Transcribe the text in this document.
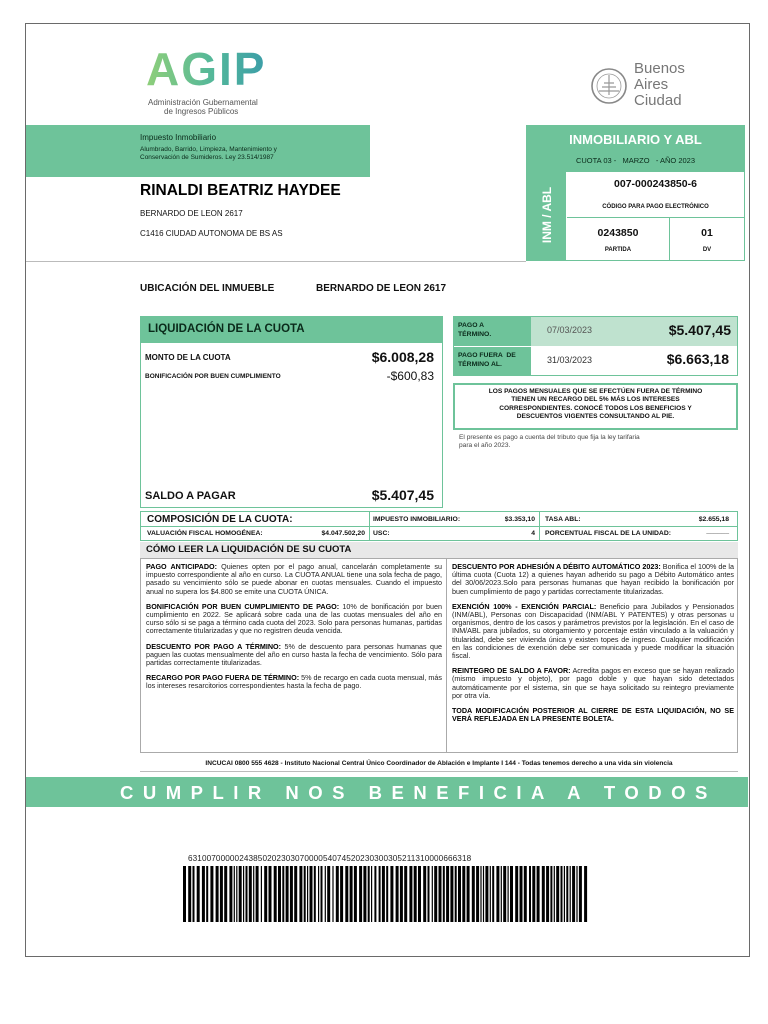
AGIP
Administración Gubernamental
de Ingresos Públicos
Buenos
Aires
Ciudad
Impuesto Inmobiliario
Alumbrado, Barrido, Limpieza, Mantenimiento y
Conservación de Sumideros. Ley 23.514/1987
RINALDI BEATRIZ HAYDEE
BERNARDO DE LEON 2617
C1416 CIUDAD AUTONOMA DE BS AS
INMOBILIARIO Y ABL
CUOTA 03 -   MARZO   - AÑO 2023
INM / ABL
007-000243850-6
CÓDIGO PARA PAGO ELECTRÓNICO
0243850
PARTIDA
01
DV
UBICACIÓN DEL INMUEBLE	BERNARDO DE LEON 2617
LIQUIDACIÓN DE LA CUOTA
MONTO DE LA CUOTA	$6.008,28
BONIFICACIÓN POR BUEN CUMPLIMIENTO	-$600,83
SALDO A PAGAR	$5.407,45
PAGO A
TÉRMINO.	07/03/2023	$5.407,45
PAGO FUERA  DE
TÉRMINO AL.	31/03/2023	$6.663,18
LOS PAGOS MENSUALES QUE SE EFECTÚEN FUERA DE TÉRMINO
TIENEN UN RECARGO DEL 5% MÁS LOS INTERESES
CORRESPONDIENTES. CONOCÉ TODOS LOS BENEFICIOS Y
DESCUENTOS VIGENTES CONSULTANDO AL PIE.
El presente es pago a cuenta del tributo que fija la ley tarifaria
para el año 2023.
COMPOSICIÓN DE LA CUOTA:
VALUACIÓN FISCAL HOMOGÉNEA:	$4.047.502,20
IMPUESTO INMOBILIARIO:	$3.353,10
USC:	4
TASA ABL:	$2.655,18
PORCENTUAL FISCAL DE LA UNIDAD:	______
CÓMO LEER LA LIQUIDACIÓN DE SU CUOTA

PAGO ANTICIPADO: Quienes opten por el pago anual, cancelarán completamente su impuesto correspondiente al año en curso. La CUOTA ANUAL tiene una sola fecha de pago, pasado su vencimiento sólo se puede abonar en cuotas mensuales. Cuando el impuesto anual no supera los $4.800 se emite una CUOTA ÚNICA.

BONIFICACIÓN POR BUEN CUMPLIMIENTO DE PAGO: 10% de bonificación por buen cumplimiento en 2022. Se aplicará sobre cada una de las cuotas mensuales del año en curso sólo si se paga a término cada cuota del 2023. Solo para personas humanas, partidas correctamente titularizadas y que no registren deuda vencida.

DESCUENTO POR PAGO A TÉRMINO: 5% de descuento para personas humanas que paguen las cuotas mensualmente del año en curso hasta la fecha de vencimiento. Sólo para partidas correctamente titularizadas.

RECARGO POR PAGO FUERA DE TÉRMINO: 5% de recargo en cada cuota mensual, más los intereses resarcitorios correspondientes hasta la fecha de pago.

DESCUENTO POR ADHESIÓN A DÉBITO AUTOMÁTICO 2023: Bonifica el 100% de la última cuota (Cuota 12) a quienes hayan adherido su pago a Débito Automático antes del 30/06/2023.Solo para personas humanas que hayan recibido la bonificación por buen cumplimiento de pago y partidas correctamente titularizadas.

EXENCIÓN 100% - EXENCIÓN PARCIAL: Beneficio para Jubilados y Pensionados (INM/ABL), Personas con Discapacidad (INM/ABL Y PATENTES) y otras personas u organismos, dentro de los casos y parámetros previstos por la legislación. En el caso de INM/ABL para jubilados, su otorgamiento y porcentaje están vinculado a la valuación y titularidad, debe ser vivienda única y existen topes de ingreso. Cualquier modificación en las condiciones de exención debe ser comunicada y puede modificar la situación fiscal.

REINTEGRO DE SALDO A FAVOR: Acredita pagos en exceso que se hayan realizado (mismo impuesto y objeto), por pago doble y que hayan sido detectados automáticamente por el sistema, sin que se haya solicitado su reintegro previamente por otra vía.

TODA MODIFICACIÓN POSTERIOR AL CIERRE DE ESTA LIQUIDACIÓN, NO SE VERÁ REFLEJADA EN LA PRESENTE BOLETA.

INCUCAI 0800 555 4628 - Instituto Nacional Central Único Coordinador de Ablación e Implante I 144 - Todas tenemos derecho a una vida sin violencia
CUMPLIR NOS BENEFICIA A TODOS
6310070000024385020230307000054074520230300305211310000666318
